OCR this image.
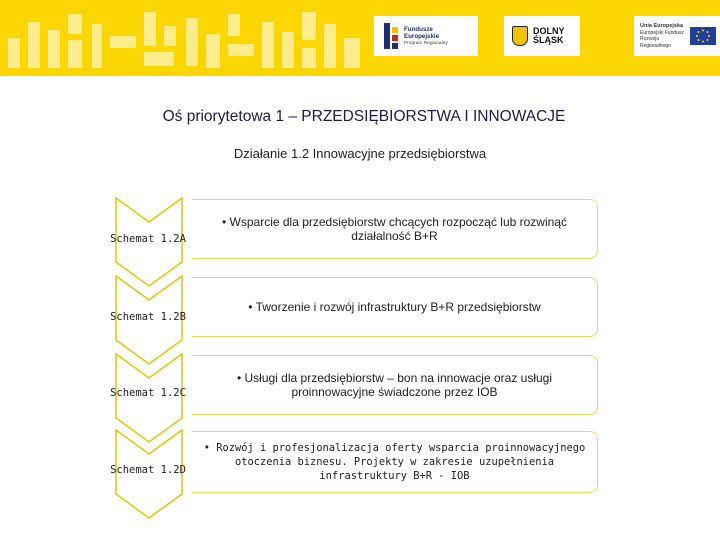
Fundusze
Europejskie
Program Regionalny
DOLNY
ŚLĄSK
Unia Europejska
Europejski Fundusz
Rozwoju Regionalnego
Oś priorytetowa 1 – PRZEDSIĘBIORSTWA I INNOWACJE
Działanie 1.2 Innowacyjne przedsiębiorstwa
Schemat 1.2A
Schemat 1.2B
Schemat 1.2C
Schemat 1.2D
• Wsparcie dla przedsiębiorstw chcących rozpocząć lub rozwinąć działalność B+R
• Tworzenie i rozwój infrastruktury B+R przedsiębiorstw
• Usługi dla przedsiębiorstw – bon na innowacje oraz usługi proinnowacyjne świadczone przez IOB
• Rozwój i profesjonalizacja oferty wsparcia proinnowacyjnego otoczenia biznesu. Projekty w zakresie uzupełnienia infrastruktury B+R - IOB
